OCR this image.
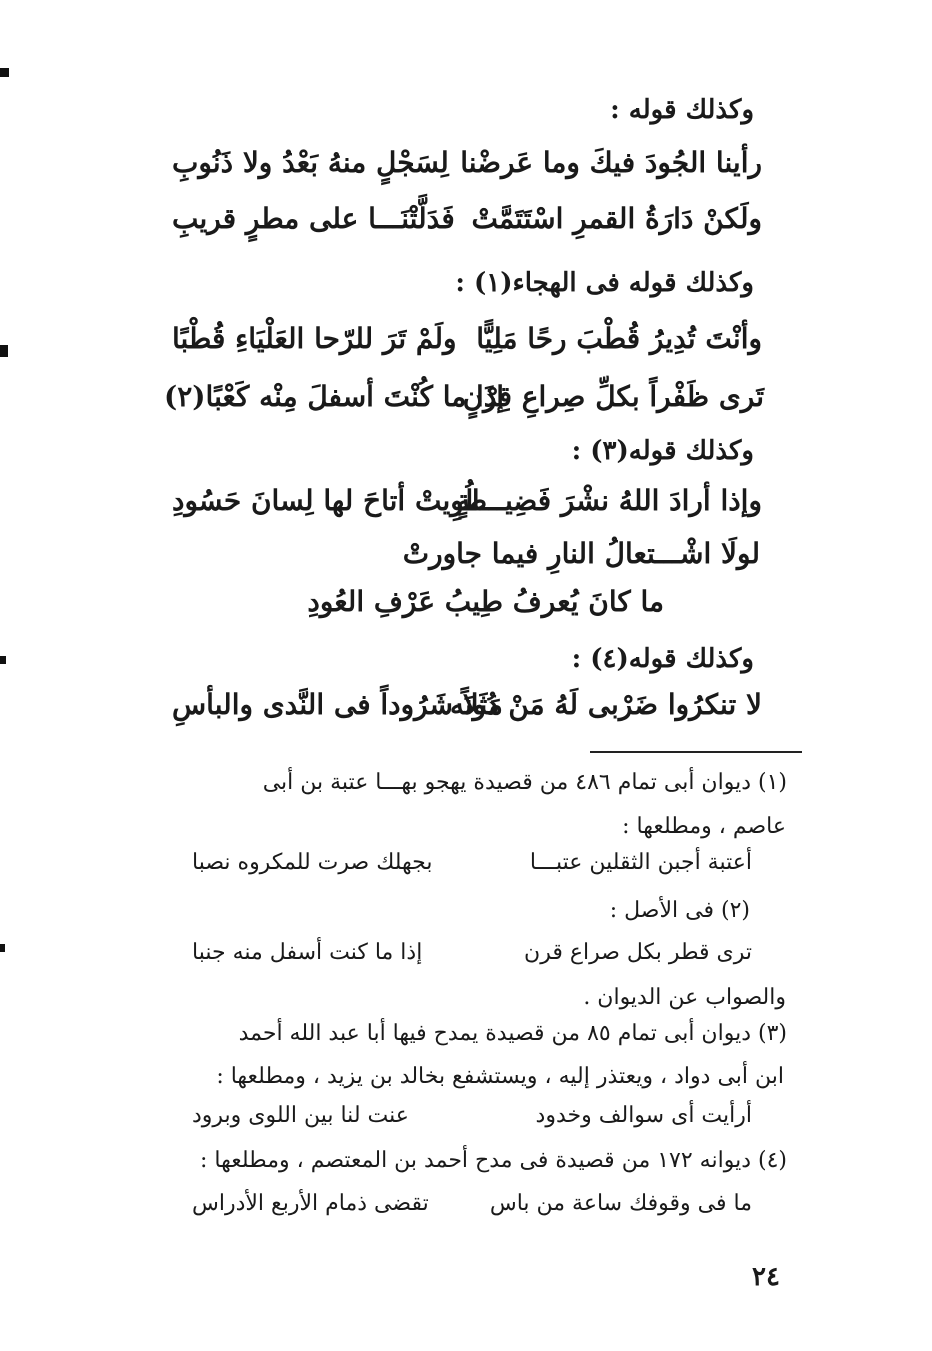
وكذلك قوله :
رأينا الجُودَ فيكَ وما عَرضْنا
لِسَجْلٍ منهُ بَعْدُ ولا ذَنُوبِ
ولَكنْ دَارَةُ القمرِ اسْتَتَمَّتْ
فَدَلَّتْنَـــا على مطرٍ قريبِ
وكذلك قوله فى الهجاء(١) :
وأنْتَ تُدِيرُ قُطْبَ رحًا مَلِيًّا
ولَمْ تَرَ للرّحا العَلْيَاءِ قُطْبًا
تَرى ظَفْراً بكلِّ صِراعِ قِرْنٍ
إذَا ما كُنْتَ أسفلَ مِنْه كَعْبًا(٢)
وكذلك قوله(٣) :
وإذا أرادَ اللهُ نشْرَ فَضِيـــلةٍ
طُوِيتْ أتاحَ لها لِسانَ حَسُودِ
لولَا اشْـــتعالُ النارِ فيما جاورتْ
ما كانَ يُعرفُ طِيبُ عَرْفِ العُودِ
وكذلك قوله(٤) :
لا تنكرُوا ضَرْبى لَهُ مَنْ دُونَه
مَثَلاً شَرُوداً فى النَّدى والبأسِ
(١) ديوان أبى تمام ٤٨٦ من قصيدة يهجو بهـــا عتبة بن أبى
عاصم ، ومطلعها :
أعتبة أجبن الثقلين عتبـــا
بجهلك صرت للمكروه نصبا
(٢) فى الأصل :
ترى قطر بكل صراع قرن
إذا ما كنت أسفل منه جنبا
والصواب عن الديوان .
(٣) ديوان أبى تمام ٨٥ من قصيدة يمدح فيها أبا عبد الله أحمد
ابن أبى دواد ، ويعتذر إليه ، ويستشفع بخالد بن يزيد ، ومطلعها :
أرأيت أى سوالف وخدود
عنت لنا بين اللوى وبرود
(٤) ديوانه ١٧٢ من قصيدة فى مدح أحمد بن المعتصم ، ومطلعها :
ما فى وقوفك ساعة من باس
تقضى ذمام الأربع الأدراس
٢٤
